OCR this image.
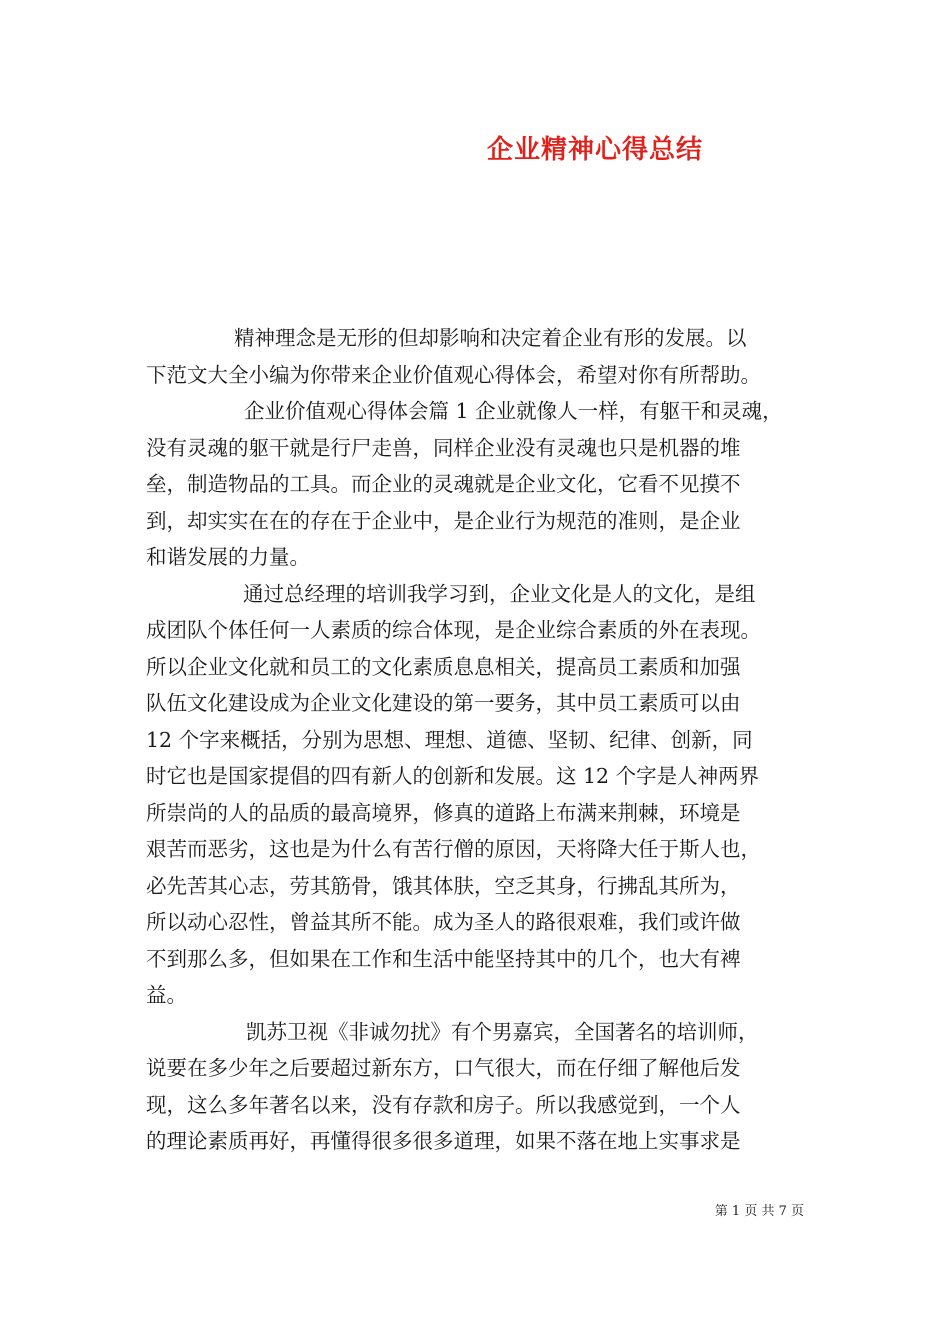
企业精神心得总结
精神理念是无形的但却影响和决定着企业有形的发展。以
下范文大全小编为你带来企业价值观心得体会，希望对你有所帮助。
企业价值观心得体会篇 1 企业就像人一样，有躯干和灵魂，
没有灵魂的躯干就是行尸走兽，同样企业没有灵魂也只是机器的堆
垒，制造物品的工具。而企业的灵魂就是企业文化，它看不见摸不
到，却实实在在的存在于企业中，是企业行为规范的准则，是企业
和谐发展的力量。
通过总经理的培训我学习到，企业文化是人的文化，是组
成团队个体任何一人素质的综合体现，是企业综合素质的外在表现。
所以企业文化就和员工的文化素质息息相关，提高员工素质和加强
队伍文化建设成为企业文化建设的第一要务，其中员工素质可以由
12 个字来概括，分别为思想、理想、道德、坚韧、纪律、创新，同
时它也是国家提倡的四有新人的创新和发展。这 12 个字是人神两界
所崇尚的人的品质的最高境界，修真的道路上布满来荆棘，环境是
艰苦而恶劣，这也是为什么有苦行僧的原因，天将降大任于斯人也，
必先苦其心志，劳其筋骨，饿其体肤，空乏其身，行拂乱其所为，
所以动心忍性，曾益其所不能。成为圣人的路很艰难，我们或许做
不到那么多，但如果在工作和生活中能坚持其中的几个，也大有裨
益。
凯苏卫视《非诚勿扰》有个男嘉宾，全国著名的培训师，
说要在多少年之后要超过新东方，口气很大，而在仔细了解他后发
现，这么多年著名以来，没有存款和房子。所以我感觉到，一个人
的理论素质再好，再懂得很多很多道理，如果不落在地上实事求是
第 1 页 共 7 页
